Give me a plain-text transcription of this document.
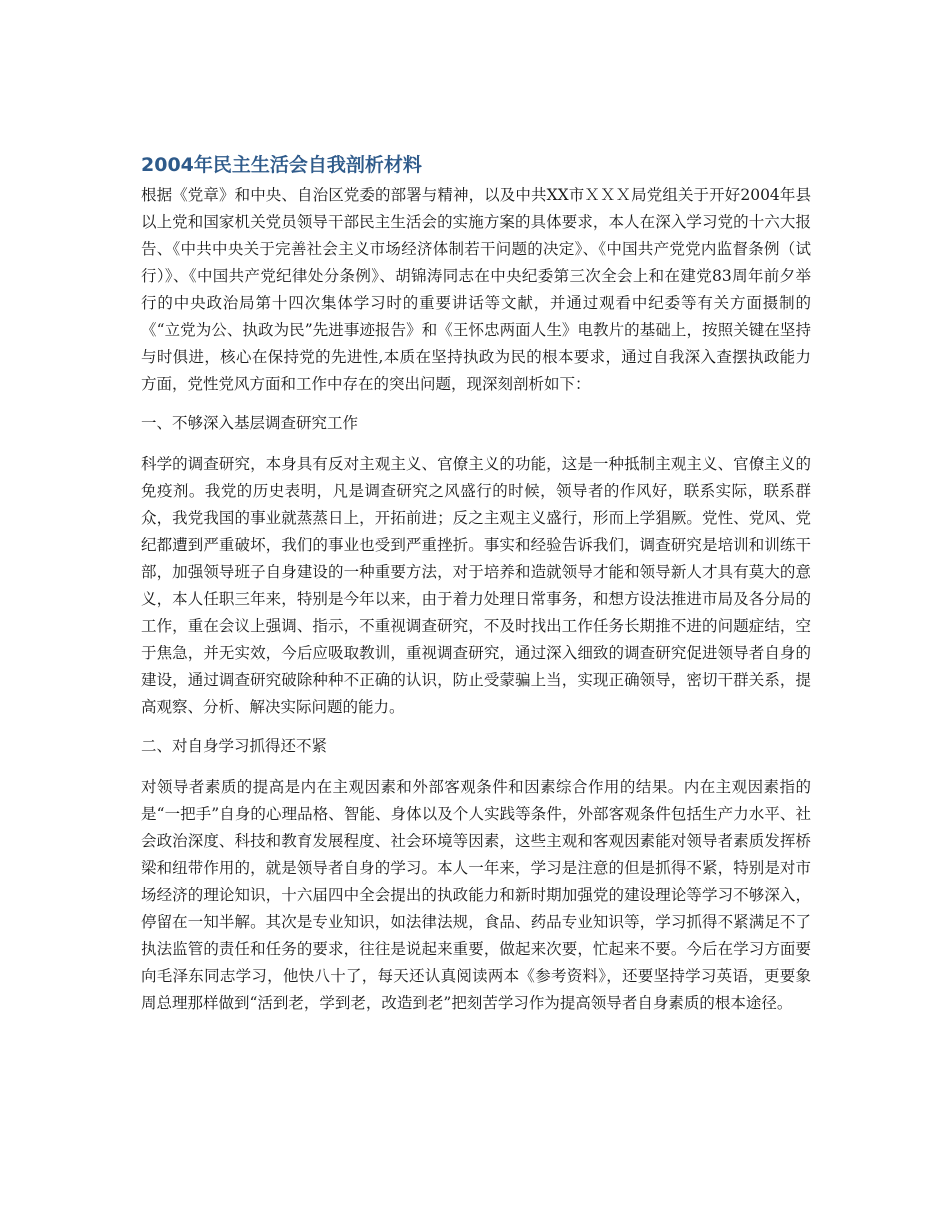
2004年民主生活会自我剖析材料

根据《党章》和中央、自治区党委的部署与精神，以及中共XX市ＸＸＸ局党组关于开好2004年县以上党和国家机关党员领导干部民主生活会的实施方案的具体要求，本人在深入学习党的十六大报告、《中共中央关于完善社会主义市场经济体制若干问题的决定》、《中国共产党党内监督条例（试行）》、《中国共产党纪律处分条例》、胡锦涛同志在中央纪委第三次全会上和在建党83周年前夕举行的中央政治局第十四次集体学习时的重要讲话等文献，并通过观看中纪委等有关方面摄制的《“立党为公、执政为民”先进事迹报告》和《王怀忠两面人生》电教片的基础上，按照关键在坚持与时俱进，核心在保持党的先进性,本质在坚持执政为民的根本要求，通过自我深入查摆执政能力方面，党性党风方面和工作中存在的突出问题，现深刻剖析如下：

一、不够深入基层调查研究工作

科学的调查研究，本身具有反对主观主义、官僚主义的功能，这是一种抵制主观主义、官僚主义的免疫剂。我党的历史表明，凡是调查研究之风盛行的时候，领导者的作风好，联系实际，联系群众，我党我国的事业就蒸蒸日上，开拓前进；反之主观主义盛行，形而上学猖厥。党性、党风、党纪都遭到严重破坏，我们的事业也受到严重挫折。事实和经验告诉我们，调查研究是培训和训练干部，加强领导班子自身建设的一种重要方法，对于培养和造就领导才能和领导新人才具有莫大的意义，本人任职三年来，特别是今年以来，由于着力处理日常事务，和想方设法推进市局及各分局的工作，重在会议上强调、指示，不重视调查研究，不及时找出工作任务长期推不进的问题症结，空于焦急，并无实效，今后应吸取教训，重视调查研究，通过深入细致的调查研究促进领导者自身的建设，通过调查研究破除种种不正确的认识，防止受蒙骗上当，实现正确领导，密切干群关系，提高观察、分析、解决实际问题的能力。

二、对自身学习抓得还不紧

对领导者素质的提高是内在主观因素和外部客观条件和因素综合作用的结果。内在主观因素指的是“一把手”自身的心理品格、智能、身体以及个人实践等条件，外部客观条件包括生产力水平、社会政治深度、科技和教育发展程度、社会环境等因素，这些主观和客观因素能对领导者素质发挥桥梁和纽带作用的，就是领导者自身的学习。本人一年来，学习是注意的但是抓得不紧，特别是对市场经济的理论知识，十六届四中全会提出的执政能力和新时期加强党的建设理论等学习不够深入，停留在一知半解。其次是专业知识，如法律法规，食品、药品专业知识等，学习抓得不紧满足不了执法监管的责任和任务的要求，往往是说起来重要，做起来次要，忙起来不要。今后在学习方面要向毛泽东同志学习，他快八十了，每天还认真阅读两本《参考资料》，还要坚持学习英语，更要象周总理那样做到“活到老，学到老，改造到老”把刻苦学习作为提高领导者自身素质的根本途径。
